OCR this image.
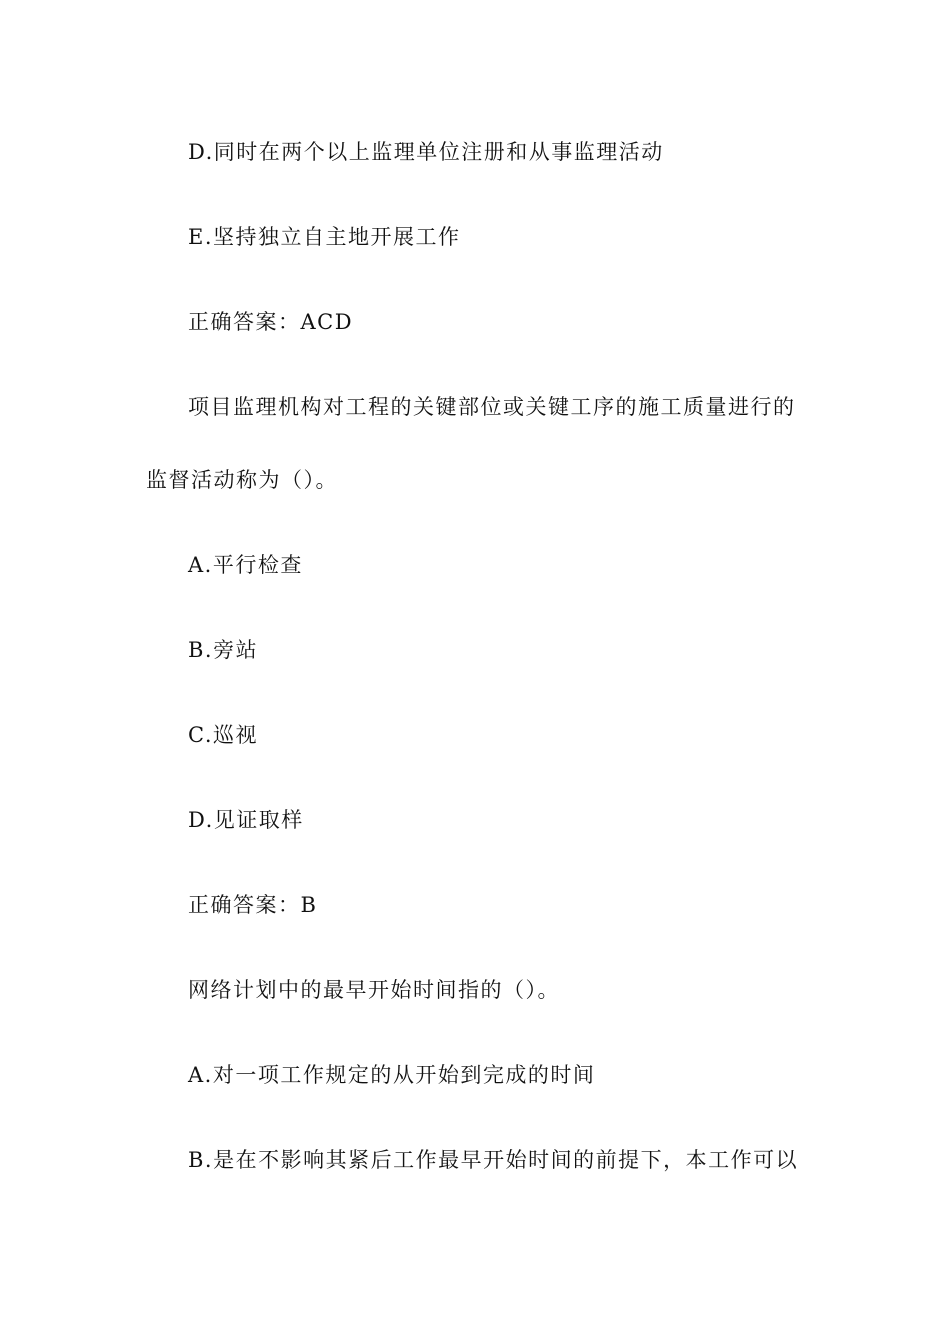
D.同时在两个以上监理单位注册和从事监理活动
E.坚持独立自主地开展工作
正确答案：ACD
项目监理机构对工程的关键部位或关键工序的施工质量进行的
监督活动称为（）。
A.平行检查
B.旁站
C.巡视
D.见证取样
正确答案：B
网络计划中的最早开始时间指的（）。
A.对一项工作规定的从开始到完成的时间
B.是在不影响其紧后工作最早开始时间的前提下，本工作可以
